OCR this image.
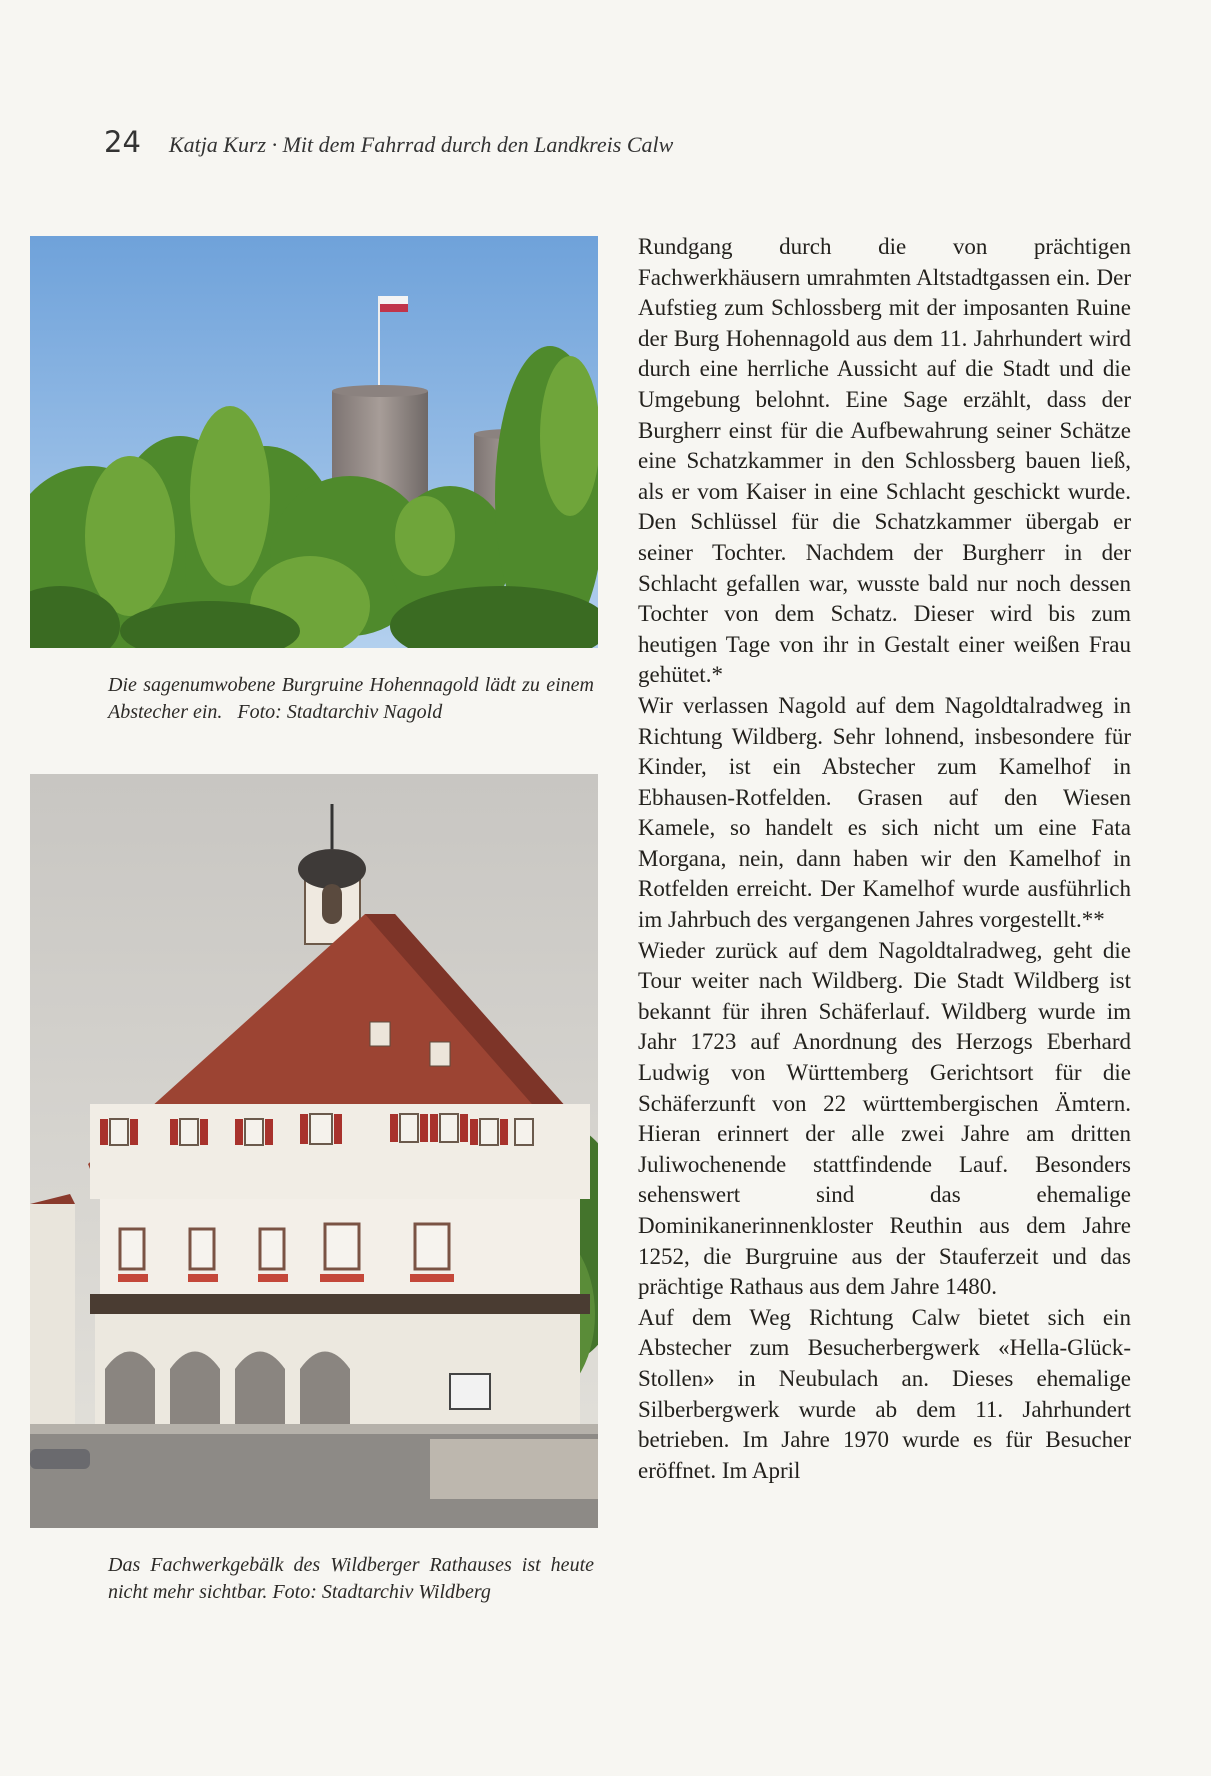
24 Katja Kurz · Mit dem Fahrrad durch den Landkreis Calw
Die sagenumwobene Burgruine Hohennagold lädt zu einem Abstecher ein. Foto: Stadtarchiv Nagold
Das Fachwerkgebälk des Wildberger Rathauses ist heute nicht mehr sichtbar. Foto: Stadtarchiv Wildberg

Rundgang durch die von prächtigen Fachwerkhäusern umrahmten Altstadtgassen ein. Der Aufstieg zum Schlossberg mit der imposanten Ruine der Burg Hohennagold aus dem 11. Jahrhundert wird durch eine herrliche Aussicht auf die Stadt und die Umgebung belohnt. Eine Sage erzählt, dass der Burgherr einst für die Aufbewahrung seiner Schätze eine Schatzkammer in den Schlossberg bauen ließ, als er vom Kaiser in eine Schlacht geschickt wurde. Den Schlüssel für die Schatzkammer übergab er seiner Tochter. Nachdem der Burgherr in der Schlacht gefallen war, wusste bald nur noch dessen Tochter von dem Schatz. Dieser wird bis zum heutigen Tage von ihr in Gestalt einer weißen Frau gehütet.*

Wir verlassen Nagold auf dem Nagoldtalradweg in Richtung Wildberg. Sehr lohnend, insbesondere für Kinder, ist ein Abstecher zum Kamelhof in Ebhausen-Rotfelden. Grasen auf den Wiesen Kamele, so handelt es sich nicht um eine Fata Morgana, nein, dann haben wir den Kamelhof in Rotfelden erreicht. Der Kamelhof wurde ausführlich im Jahrbuch des vergangenen Jahres vorgestellt.**

Wieder zurück auf dem Nagoldtalradweg, geht die Tour weiter nach Wildberg. Die Stadt Wildberg ist bekannt für ihren Schäferlauf. Wildberg wurde im Jahr 1723 auf Anordnung des Herzogs Eberhard Ludwig von Württemberg Gerichtsort für die Schäferzunft von 22 württembergischen Ämtern. Hieran erinnert der alle zwei Jahre am dritten Juliwochenende stattfindende Lauf. Besonders sehenswert sind das ehemalige Dominikanerinnenkloster Reuthin aus dem Jahre 1252, die Burgruine aus der Stauferzeit und das prächtige Rathaus aus dem Jahre 1480.

Auf dem Weg Richtung Calw bietet sich ein Abstecher zum Besucherbergwerk «Hella-Glück-Stollen» in Neubulach an. Dieses ehemalige Silberbergwerk wurde ab dem 11. Jahrhundert betrieben. Im Jahre 1970 wurde es für Besucher eröffnet. Im April
